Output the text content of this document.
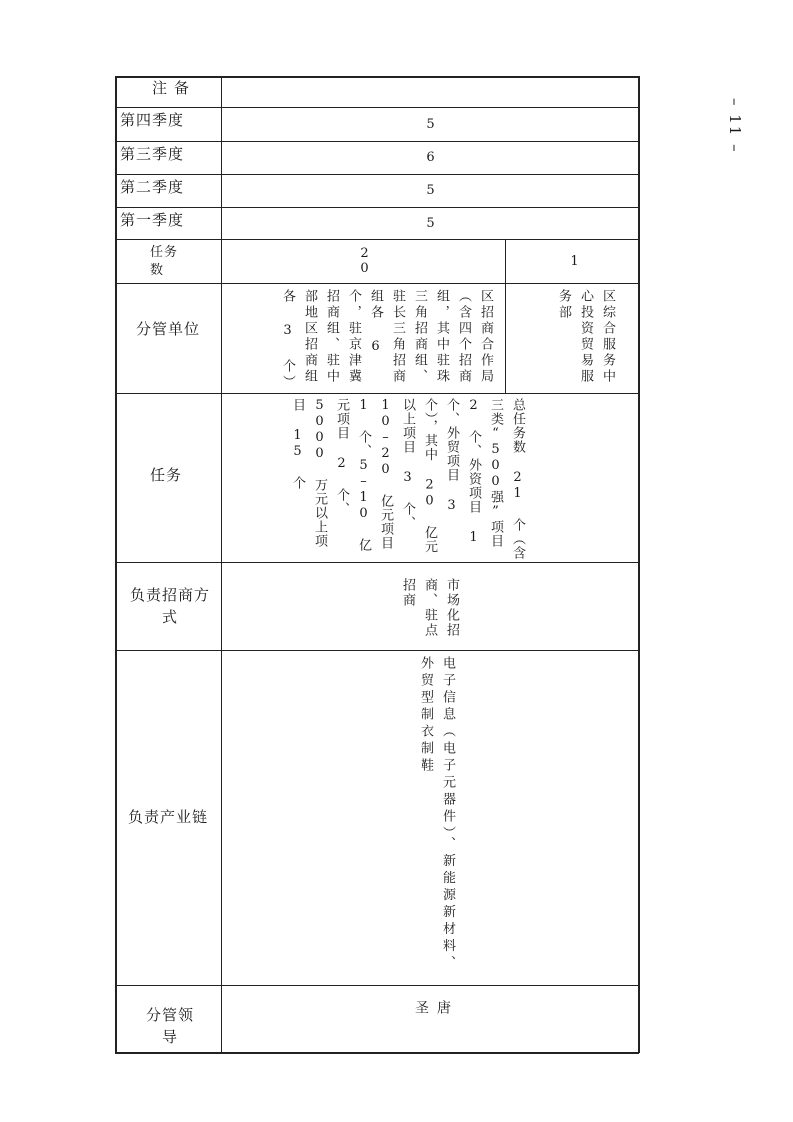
备注
第四季度
第三季度
第二季度
第一季度
任务数
分管单位
任务
负责招商方式
负责产业链
分管领导
5
6
5
5
20	1
区招商合作局（含四个招商组，其中驻珠三角招商组、驻长三角招商组各 6 个，驻京津冀招商组、驻中部地区招商组各 3 个）	区综合服务中心投资贸易服务部
总任务数 21 个（含三类“500强”项目 2 个、外资项目 1 个、外贸项目 3 个），其中 20 亿元以上项目 3 个、10–20 亿元项目 1 个、5–10 亿元项目 2 个、5000 万元以上项目 15 个
市场化招商、驻点招商
电子信息（电子元器件）、新能源新材料、外贸型制衣制鞋
唐　圣
– 11 –
